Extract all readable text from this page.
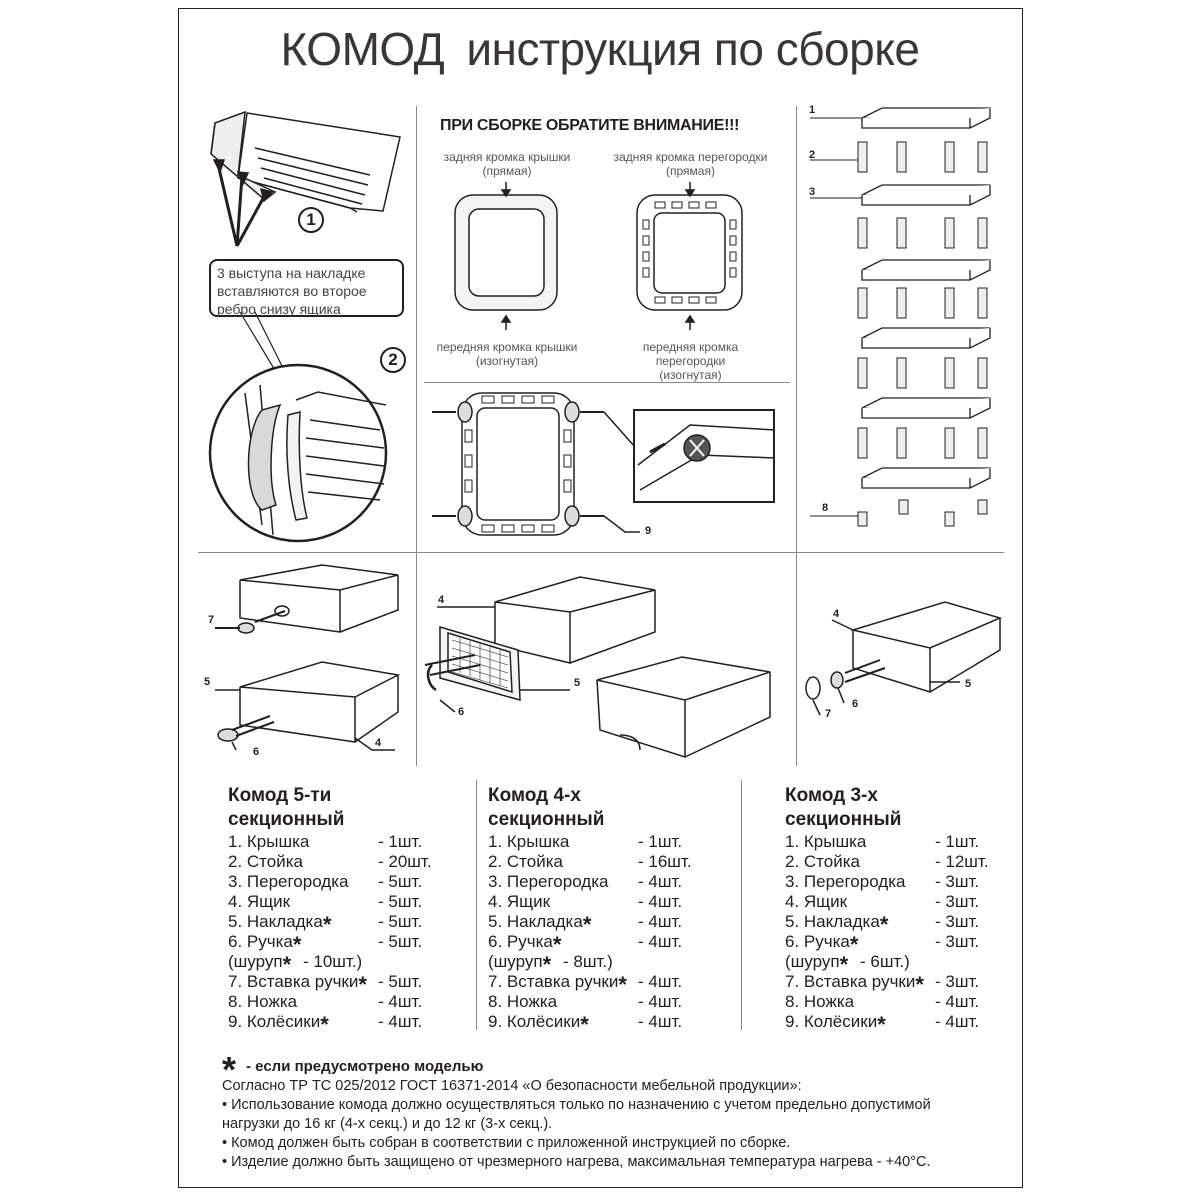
КОМОД инструкция по сборке
1
2
3 выступа на накладке вставляются во второе ребро снизу ящика
ПРИ СБОРКЕ ОБРАТИТЕ ВНИМАНИЕ!!!
задняя кромка крышки
(прямая)
задняя кромка перегородки
(прямая)
передняя кромка крышки
(изогнутая)
передняя кромка перегородки
(изогнутая)
1
2
3
8
9
7
5
6
4
4
5
6
4
5
7
6
Комод 5-ти секционный
1. Крышка	- 1шт.
2. Стойка	- 20шт.
3. Перегородка - 5шт.
4. Ящик	- 5шт.
5. Накладка*	- 5шт.
6. Ручка*	- 5шт.
(шуруп* - 10шт.)
7. Вставка ручки* - 5шт.
8. Ножка	- 4шт.
9. Колёсики*	- 4шт.
Комод 4-х секционный
1. Крышка	- 1шт.
2. Стойка	- 16шт.
3. Перегородка - 4шт.
4. Ящик	- 4шт.
5. Накладка*	- 4шт.
6. Ручка*	- 4шт.
(шуруп* - 8шт.)
7. Вставка ручки* - 4шт.
8. Ножка	- 4шт.
9. Колёсики*	- 4шт.
Комод 3-х секционный
1. Крышка	- 1шт.
2. Стойка	- 12шт.
3. Перегородка - 3шт.
4. Ящик	- 3шт.
5. Накладка*	- 3шт.
6. Ручка*	- 3шт.
(шуруп* - 6шт.)
7. Вставка ручки* - 3шт.
8. Ножка	- 4шт.
9. Колёсики*	- 4шт.
* - если предусмотрено моделью
Согласно ТР ТС 025/2012 ГОСТ 16371-2014 «О безопасности мебельной продукции»:
• Использование комода должно осуществляться только по назначению с учетом предельно допустимой
нагрузки до 16 кг (4-х секц.) и до 12 кг (3-х секц.).
• Комод должен быть собран в соответствии с приложенной инструкцией по сборке.
• Изделие должно быть защищено от чрезмерного нагрева, максимальная температура нагрева - +40°С.
